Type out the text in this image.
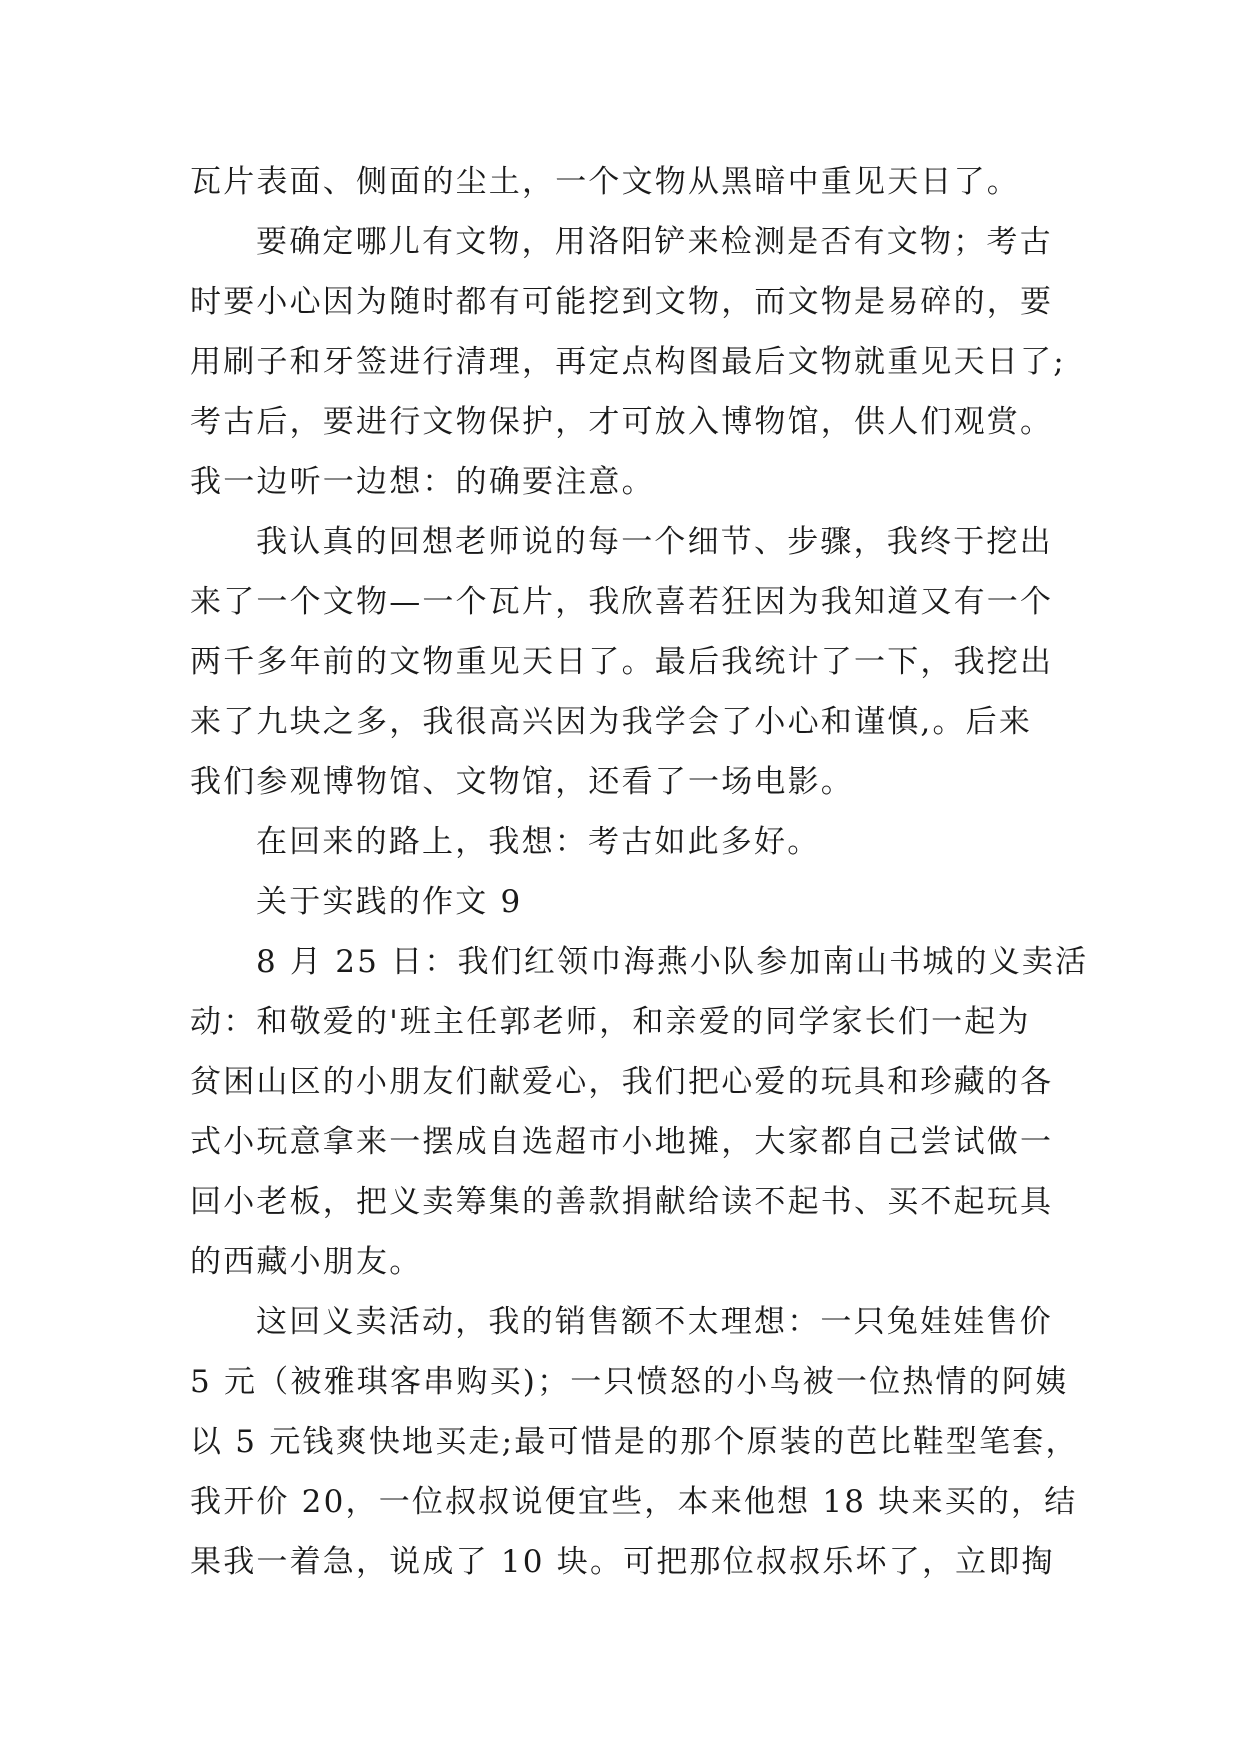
瓦片表面、侧面的尘土，一个文物从黑暗中重见天日了。
要确定哪儿有文物，用洛阳铲来检测是否有文物；考古
时要小心因为随时都有可能挖到文物，而文物是易碎的，要
用刷子和牙签进行清理，再定点构图最后文物就重见天日了;
考古后，要进行文物保护，才可放入博物馆，供人们观赏。
我一边听一边想：的确要注意。
我认真的回想老师说的每一个细节、步骤，我终于挖出
来了一个文物—一个瓦片，我欣喜若狂因为我知道又有一个
两千多年前的文物重见天日了。最后我统计了一下，我挖出
来了九块之多，我很高兴因为我学会了小心和谨慎,。后来
我们参观博物馆、文物馆，还看了一场电影。
在回来的路上，我想：考古如此多好。
关于实践的作文 9
8 月 25 日：我们红领巾海燕小队参加南山书城的义卖活
动：和敬爱的'班主任郭老师，和亲爱的同学家长们一起为
贫困山区的小朋友们献爱心，我们把心爱的玩具和珍藏的各
式小玩意拿来一摆成自选超市小地摊，大家都自己尝试做一
回小老板，把义卖筹集的善款捐献给读不起书、买不起玩具
的西藏小朋友。
这回义卖活动，我的销售额不太理想：一只兔娃娃售价
5 元（被雅琪客串购买)；一只愤怒的小鸟被一位热情的阿姨
以 5 元钱爽快地买走;最可惜是的那个原装的芭比鞋型笔套，
我开价 20，一位叔叔说便宜些，本来他想 18 块来买的，结
果我一着急，说成了 10 块。可把那位叔叔乐坏了，立即掏
